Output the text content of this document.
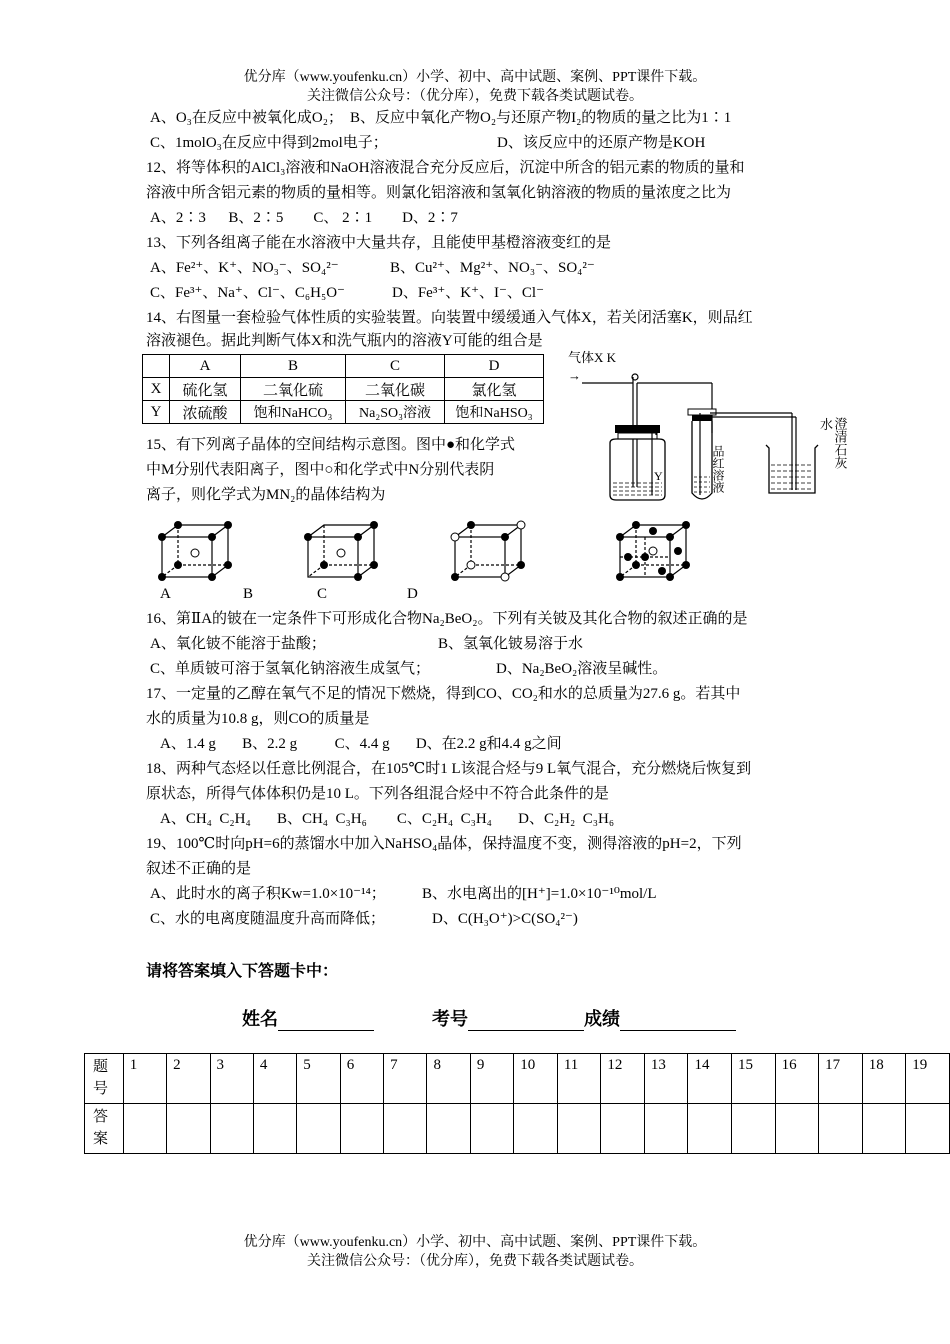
优分库（www.youfenku.cn）小学、初中、高中试题、案例、PPT课件下载。
关注微信公众号：（优分库），免费下载各类试题试卷。
A、O₃在反应中被氧化成O₂； B、反应中氧化产物O₂与还原产物I₂的物质的量之比为1∶1
C、1molO₃在反应中得到2mol电子；	D、该反应中的还原产物是KOH
12、将等体积的AlCl₃溶液和NaOH溶液混合充分反应后，沉淀中所含的铝元素的物质的量和
溶液中所含铝元素的物质的量相等。则氯化铝溶液和氢氧化钠溶液的物质的量浓度之比为
A、2∶3      B、2∶5        C、 2∶1        D、2∶7
13、下列各组离子能在水溶液中大量共存，且能使甲基橙溶液变红的是
A、Fe²⁺、K⁺、NO₃⁻、SO₄²⁻	B、Cu²⁺、Mg²⁺、NO₃⁻、SO₄²⁻
C、Fe³⁺、Na⁺、Cl⁻、C₆H₅O⁻	D、Fe³⁺、K⁺、I⁻、Cl⁻
14、右图量一套检验气体性质的实验装置。向装置中缓缓通入气体X，若关闭活塞K，则品红
溶液褪色。据此判断气体X和洗气瓶内的溶液Y可能的组合是
	A	B	C	D
X	硫化氢	二氧化硫	二氧化碳	氯化氢
Y	浓硫酸	饱和NaHCO₃	Na₂SO₃溶液	饱和NaHSO₃
气体X K
→
Y	品红溶液
水 澄清石灰
15、有下列离子晶体的空间结构示意图。图中●和化学式
中M分别代表阳离子，图中○和化学式中N分别代表阴
离子，则化学式为MN₂的晶体结构为
A	B	C	D
16、第ⅡA的铍在一定条件下可形成化合物Na₂BeO₂。下列有关铍及其化合物的叙述正确的是
A、氧化铍不能溶于盐酸；	B、氢氧化铍易溶于水
C、单质铍可溶于氢氧化钠溶液生成氢气；	D、Na₂BeO₂溶液呈碱性。
17、一定量的乙醇在氧气不足的情况下燃烧，得到CO、CO₂和水的总质量为27.6 g。若其中
水的质量为10.8 g，则CO的质量是
A、1.4 g       B、2.2 g          C、4.4 g       D、在2.2 g和4.4 g之间
18、两种气态烃以任意比例混合，在105℃时1 L该混合烃与9 L氧气混合，充分燃烧后恢复到
原状态，所得气体体积仍是10 L。下列各组混合烃中不符合此条件的是
A、CH₄  C₂H₄       B、CH₄  C₃H₆        C、C₂H₄  C₃H₄       D、C₂H₂  C₃H₆
19、100℃时向pH=6的蒸馏水中加入NaHSO₄晶体，保持温度不变，测得溶液的pH=2，下列
叙述不正确的是
A、此时水的离子积Kw=1.0×10⁻¹⁴； B、水电离出的[H⁺]=1.0×10⁻¹⁰mol/L
C、水的电离度随温度升高而降低；	D、C(H₃O⁺)>C(SO₄²⁻)
请将答案填入下答题卡中：
姓名	考号	成绩
题号	1	2	3	4	5	6	7	8	9	10	11	12	13	14	15	16	17	18	19
答案																			
优分库（www.youfenku.cn）小学、初中、高中试题、案例、PPT课件下载。
关注微信公众号：（优分库），免费下载各类试题试卷。
